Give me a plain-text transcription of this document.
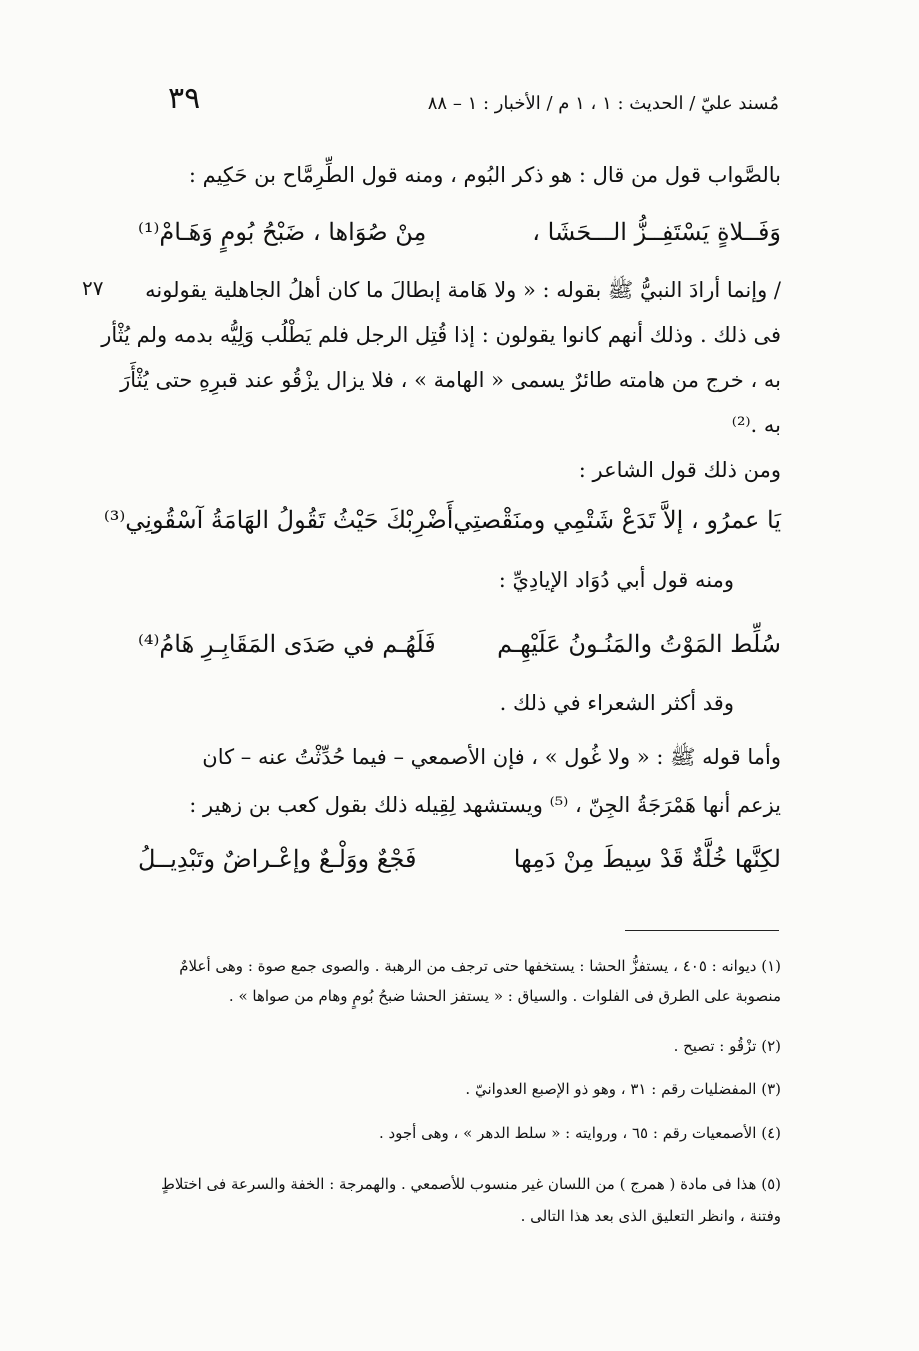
٣٩	مُسند عليّ / الحديث : ١ ، ١ م / الأخبار : ١ – ٨٨
٢٧
بالصَّواب قول من قال : هو ذكر البُوم ، ومنه قول الطِّرِمَّاح بن حَكِيم :
وَفَــلاةٍ يَسْتَفِــزُّ الـــحَشَا ،
مِنْ صُوَاها ، ضَبْحُ بُومٍ وَهَـامْ⁽¹⁾
/ وإنما أرادَ النبيُّ ﷺ بقوله : « ولا هَامة إبطالَ ما كان أهلُ الجاهلية يقولونه
فى ذلك . وذلك أنهم كانوا يقولون : إذا قُتِل الرجل فلم يَطْلُب وَلِيُّه بدمه ولم يُثْأر
به ، خرج من هامته طائرٌ يسمى « الهامة » ، فلا يزال يزْقُو عند قبرِهِ حتى يُثْأَرَ
به .⁽²⁾
ومن ذلك قول الشاعر :
يَا عمرُو ، إلاَّ تَدَعْ شَتْمِي ومنَقْصتِي
أَضْرِبْكَ حَيْثُ تَقُولُ الهَامَةُ آسْقُونِي⁽³⁾
ومنه قول أبي دُوَاد الإيادِيِّ :
سُلِّط المَوْتُ والمَنُـونُ عَلَيْهِـم
فَلَهُـم في صَدَى المَقَابِـرِ هَامُ⁽⁴⁾
وقد أكثر الشعراء في ذلك .
وأما قوله ﷺ : « ولا غُول » ، فإن الأصمعي – فيما حُدِّثْتُ عنه – كان
يزعم أنها هَمْرَجَةُ الجِنّ ، ⁽⁵⁾ ويستشهد لِقِيله ذلك بقول كعب بن زهير :
لكِنَّها خُلَّةٌ قَدْ سِيطَ مِنْ دَمِها
فَجْعٌ ووَلْـعٌ وإعْـراضٌ وتَبْدِيــلُ
(١) ديوانه : ٤٠٥ ، يستفزُّ الحشا : يستخفها حتى ترجف من الرهبة . والصوى جمع صوة : وهى أعلامٌ
منصوبة على الطرق فى الفلوات . والسياق : « يستفز الحشا ضبحُ بُومٍ وهام من صواها » .
(٢) تزْقُو : تصيح .
(٣) المفضليات رقم : ٣١ ، وهو ذو الإصبع العدوانيّ .
(٤) الأصمعيات رقم : ٦٥ ، وروايته : « سلط الدهر » ، وهى أجود .
(٥) هذا فى مادة ( همرج ) من اللسان غير منسوب للأصمعي . والهمرجة : الخفة والسرعة فى اختلاطٍ
وفتنة ، وانظر التعليق الذى بعد هذا التالى .
